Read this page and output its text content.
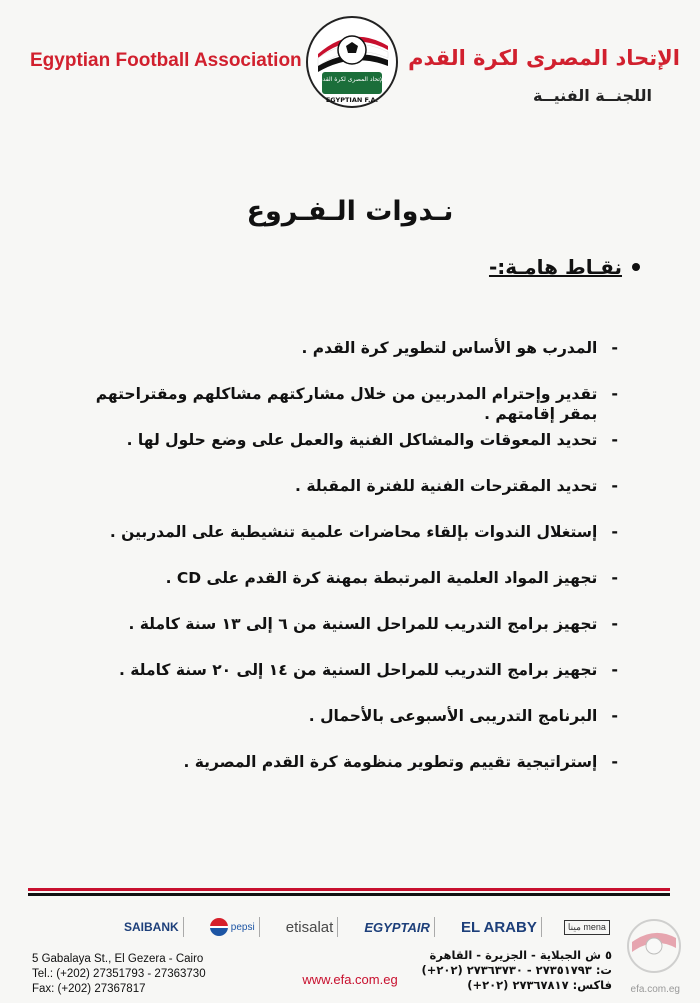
Egyptian Football Association
الإتحاد المصرى لكرة القدم
EGYPTIAN F.A.
الإتحاد المصرى لكرة القدم
اللجنــة الفنيــة
نـدوات الـفـروع
نقـاط هامـة:-
-
المدرب هو الأساس لتطوير كرة القدم .
-
تقدير وإحترام المدربين من خلال مشاركتهم مشاكلهم ومقتراحتهم بمقر إقامتهم .
-
تحديد المعوقات والمشاكل الفنية والعمل على وضع حلول لها .
-
تحديد المقترحات الفنية للفترة المقبلة .
-
إستغلال الندوات بإلقاء محاضرات علمية تنشيطية على المدربين .
-
تجهيز المواد العلمية المرتبطة بمهنة كرة القدم على CD .
-
تجهيز برامج التدريب للمراحل السنية من ٦ إلى ١٣ سنة كاملة .
-
تجهيز برامج التدريب للمراحل السنية من ١٤ إلى ٢٠ سنة كاملة .
-
البرنامج التدريبى الأسبوعى بالأحمال .
-
إستراتيجية تقييم وتطوير منظومة كرة القدم المصرية .
SAIBANK	pepsi etisalat	EGYPTAIR	EL ARABY	مينا mena
5 Gabalaya St., El Gezera - Cairo
Tel.: (+202) 27351793 - 27363730
Fax: (+202) 27367817
www.efa.com.eg
٥ ش الجبلاية - الجزيرة - القاهرة
ت: ٢٧٣٥١٧٩٣ - ٢٧٣٦٣٧٣٠ (٢٠٢+)
فاكس: ٢٧٣٦٧٨١٧ (٢٠٢+) efa.com.eg
